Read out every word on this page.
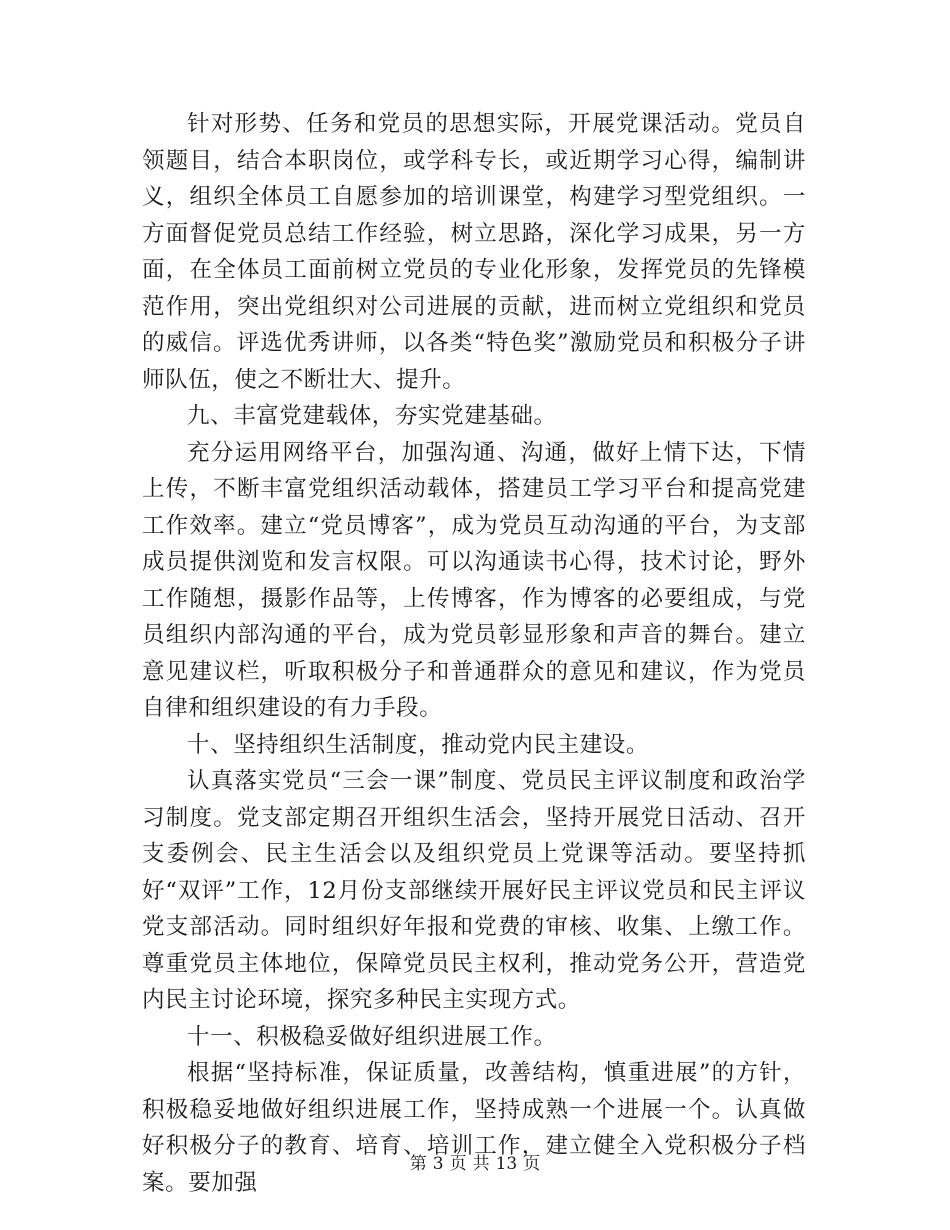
针对形势、任务和党员的思想实际，开展党课活动。党员自领题目，结合本职岗位，或学科专长，或近期学习心得，编制讲义，组织全体员工自愿参加的培训课堂，构建学习型党组织。一方面督促党员总结工作经验，树立思路，深化学习成果，另一方面，在全体员工面前树立党员的专业化形象，发挥党员的先锋模范作用，突出党组织对公司进展的贡献，进而树立党组织和党员的威信。评选优秀讲师，以各类“特色奖”激励党员和积极分子讲师队伍，使之不断壮大、提升。

九、丰富党建载体，夯实党建基础。

充分运用网络平台，加强沟通、沟通，做好上情下达，下情上传，不断丰富党组织活动载体，搭建员工学习平台和提高党建工作效率。建立“党员博客”，成为党员互动沟通的平台，为支部成员提供浏览和发言权限。可以沟通读书心得，技术讨论，野外工作随想，摄影作品等，上传博客，作为博客的必要组成，与党员组织内部沟通的平台，成为党员彰显形象和声音的舞台。建立意见建议栏，听取积极分子和普通群众的意见和建议，作为党员自律和组织建设的有力手段。

十、坚持组织生活制度，推动党内民主建设。

认真落实党员“三会一课”制度、党员民主评议制度和政治学习制度。党支部定期召开组织生活会，坚持开展党日活动、召开支委例会、民主生活会以及组织党员上党课等活动。要坚持抓好“双评”工作，12月份支部继续开展好民主评议党员和民主评议党支部活动。同时组织好年报和党费的审核、收集、上缴工作。尊重党员主体地位，保障党员民主权利，推动党务公开，营造党内民主讨论环境，探究多种民主实现方式。

十一、积极稳妥做好组织进展工作。

根据“坚持标准，保证质量，改善结构，慎重进展”的方针，积极稳妥地做好组织进展工作，坚持成熟一个进展一个。认真做好积极分子的教育、培育、培训工作，建立健全入党积极分子档案。要加强

第 3 页 共 13 页
